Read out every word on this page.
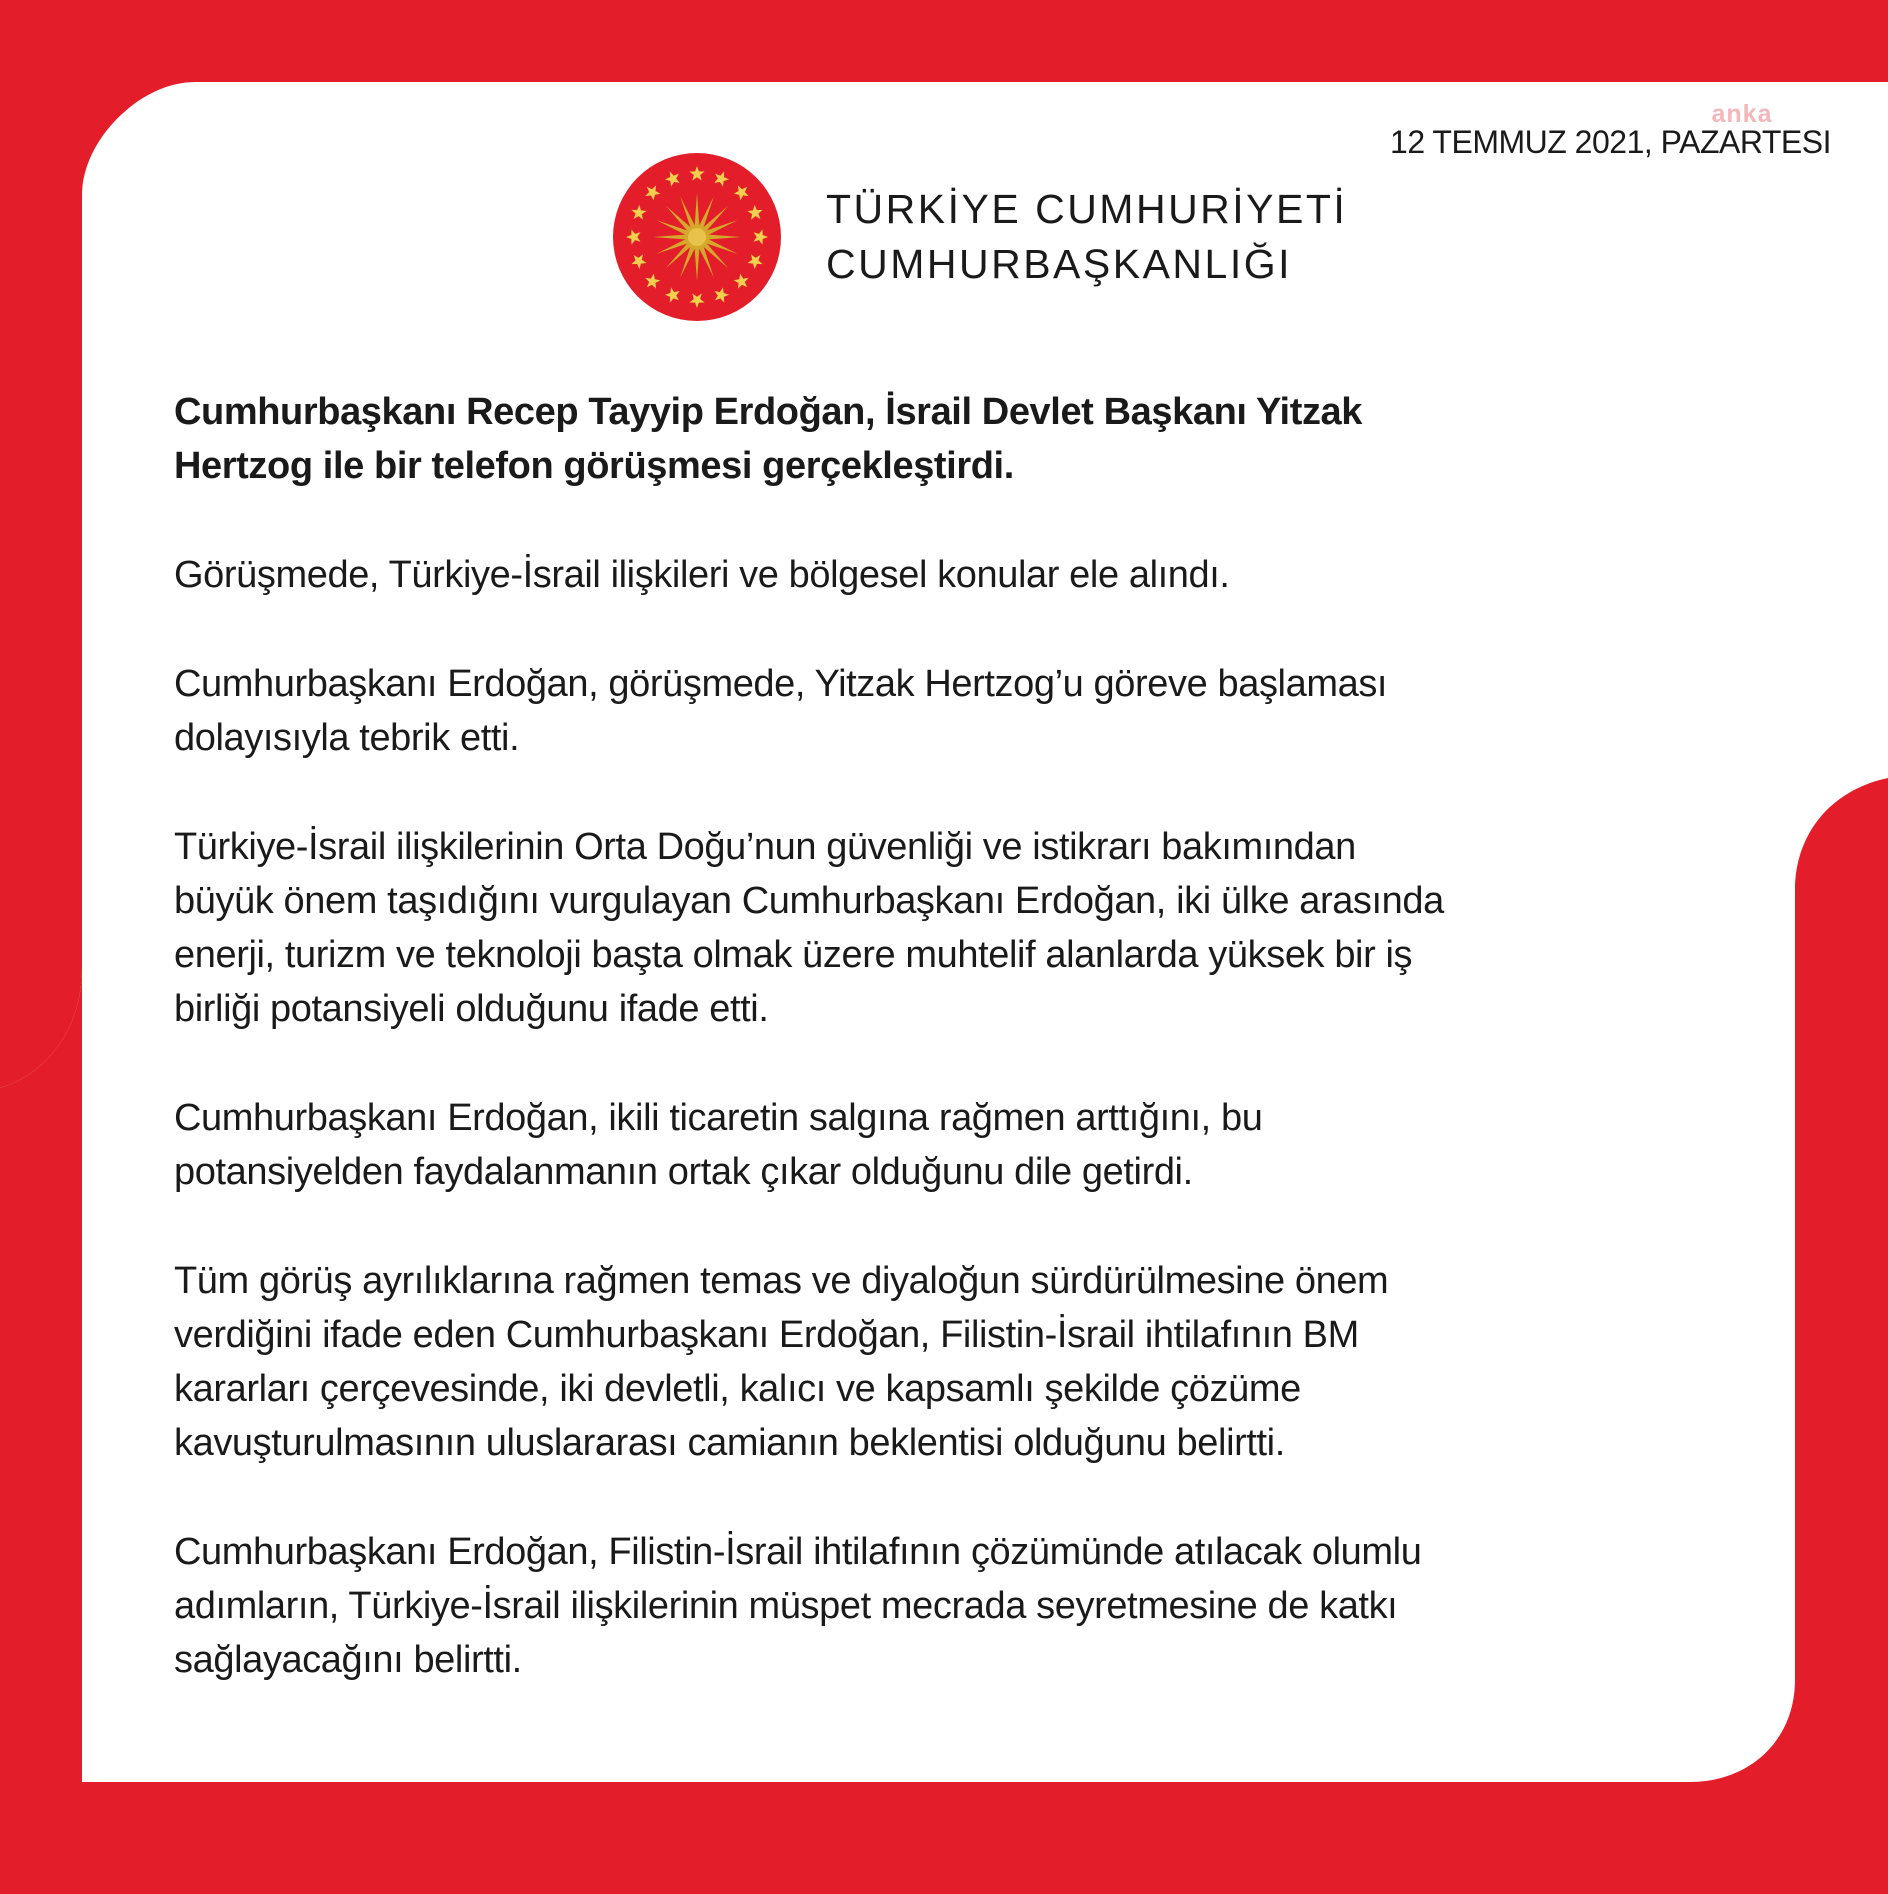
anka
12 TEMMUZ 2021, PAZARTESI
TÜRKİYE CUMHURİYETİ
CUMHURBAŞKANLIĞI

Cumhurbaşkanı Recep Tayyip Erdoğan, İsrail Devlet Başkanı Yitzak
Hertzog ile bir telefon görüşmesi gerçekleştirdi.

Görüşmede, Türkiye-İsrail ilişkileri ve bölgesel konular ele alındı.

Cumhurbaşkanı Erdoğan, görüşmede, Yitzak Hertzog’u göreve başlaması
dolayısıyla tebrik etti.

Türkiye-İsrail ilişkilerinin Orta Doğu’nun güvenliği ve istikrarı bakımından
büyük önem taşıdığını vurgulayan Cumhurbaşkanı Erdoğan, iki ülke arasında
enerji, turizm ve teknoloji başta olmak üzere muhtelif alanlarda yüksek bir iş
birliği potansiyeli olduğunu ifade etti.

Cumhurbaşkanı Erdoğan, ikili ticaretin salgına rağmen arttığını, bu
potansiyelden faydalanmanın ortak çıkar olduğunu dile getirdi.

Tüm görüş ayrılıklarına rağmen temas ve diyaloğun sürdürülmesine önem
verdiğini ifade eden Cumhurbaşkanı Erdoğan, Filistin-İsrail ihtilafının BM
kararları çerçevesinde, iki devletli, kalıcı ve kapsamlı şekilde çözüme
kavuşturulmasının uluslararası camianın beklentisi olduğunu belirtti.

Cumhurbaşkanı Erdoğan, Filistin-İsrail ihtilafının çözümünde atılacak olumlu
adımların, Türkiye-İsrail ilişkilerinin müspet mecrada seyretmesine de katkı
sağlayacağını belirtti.
